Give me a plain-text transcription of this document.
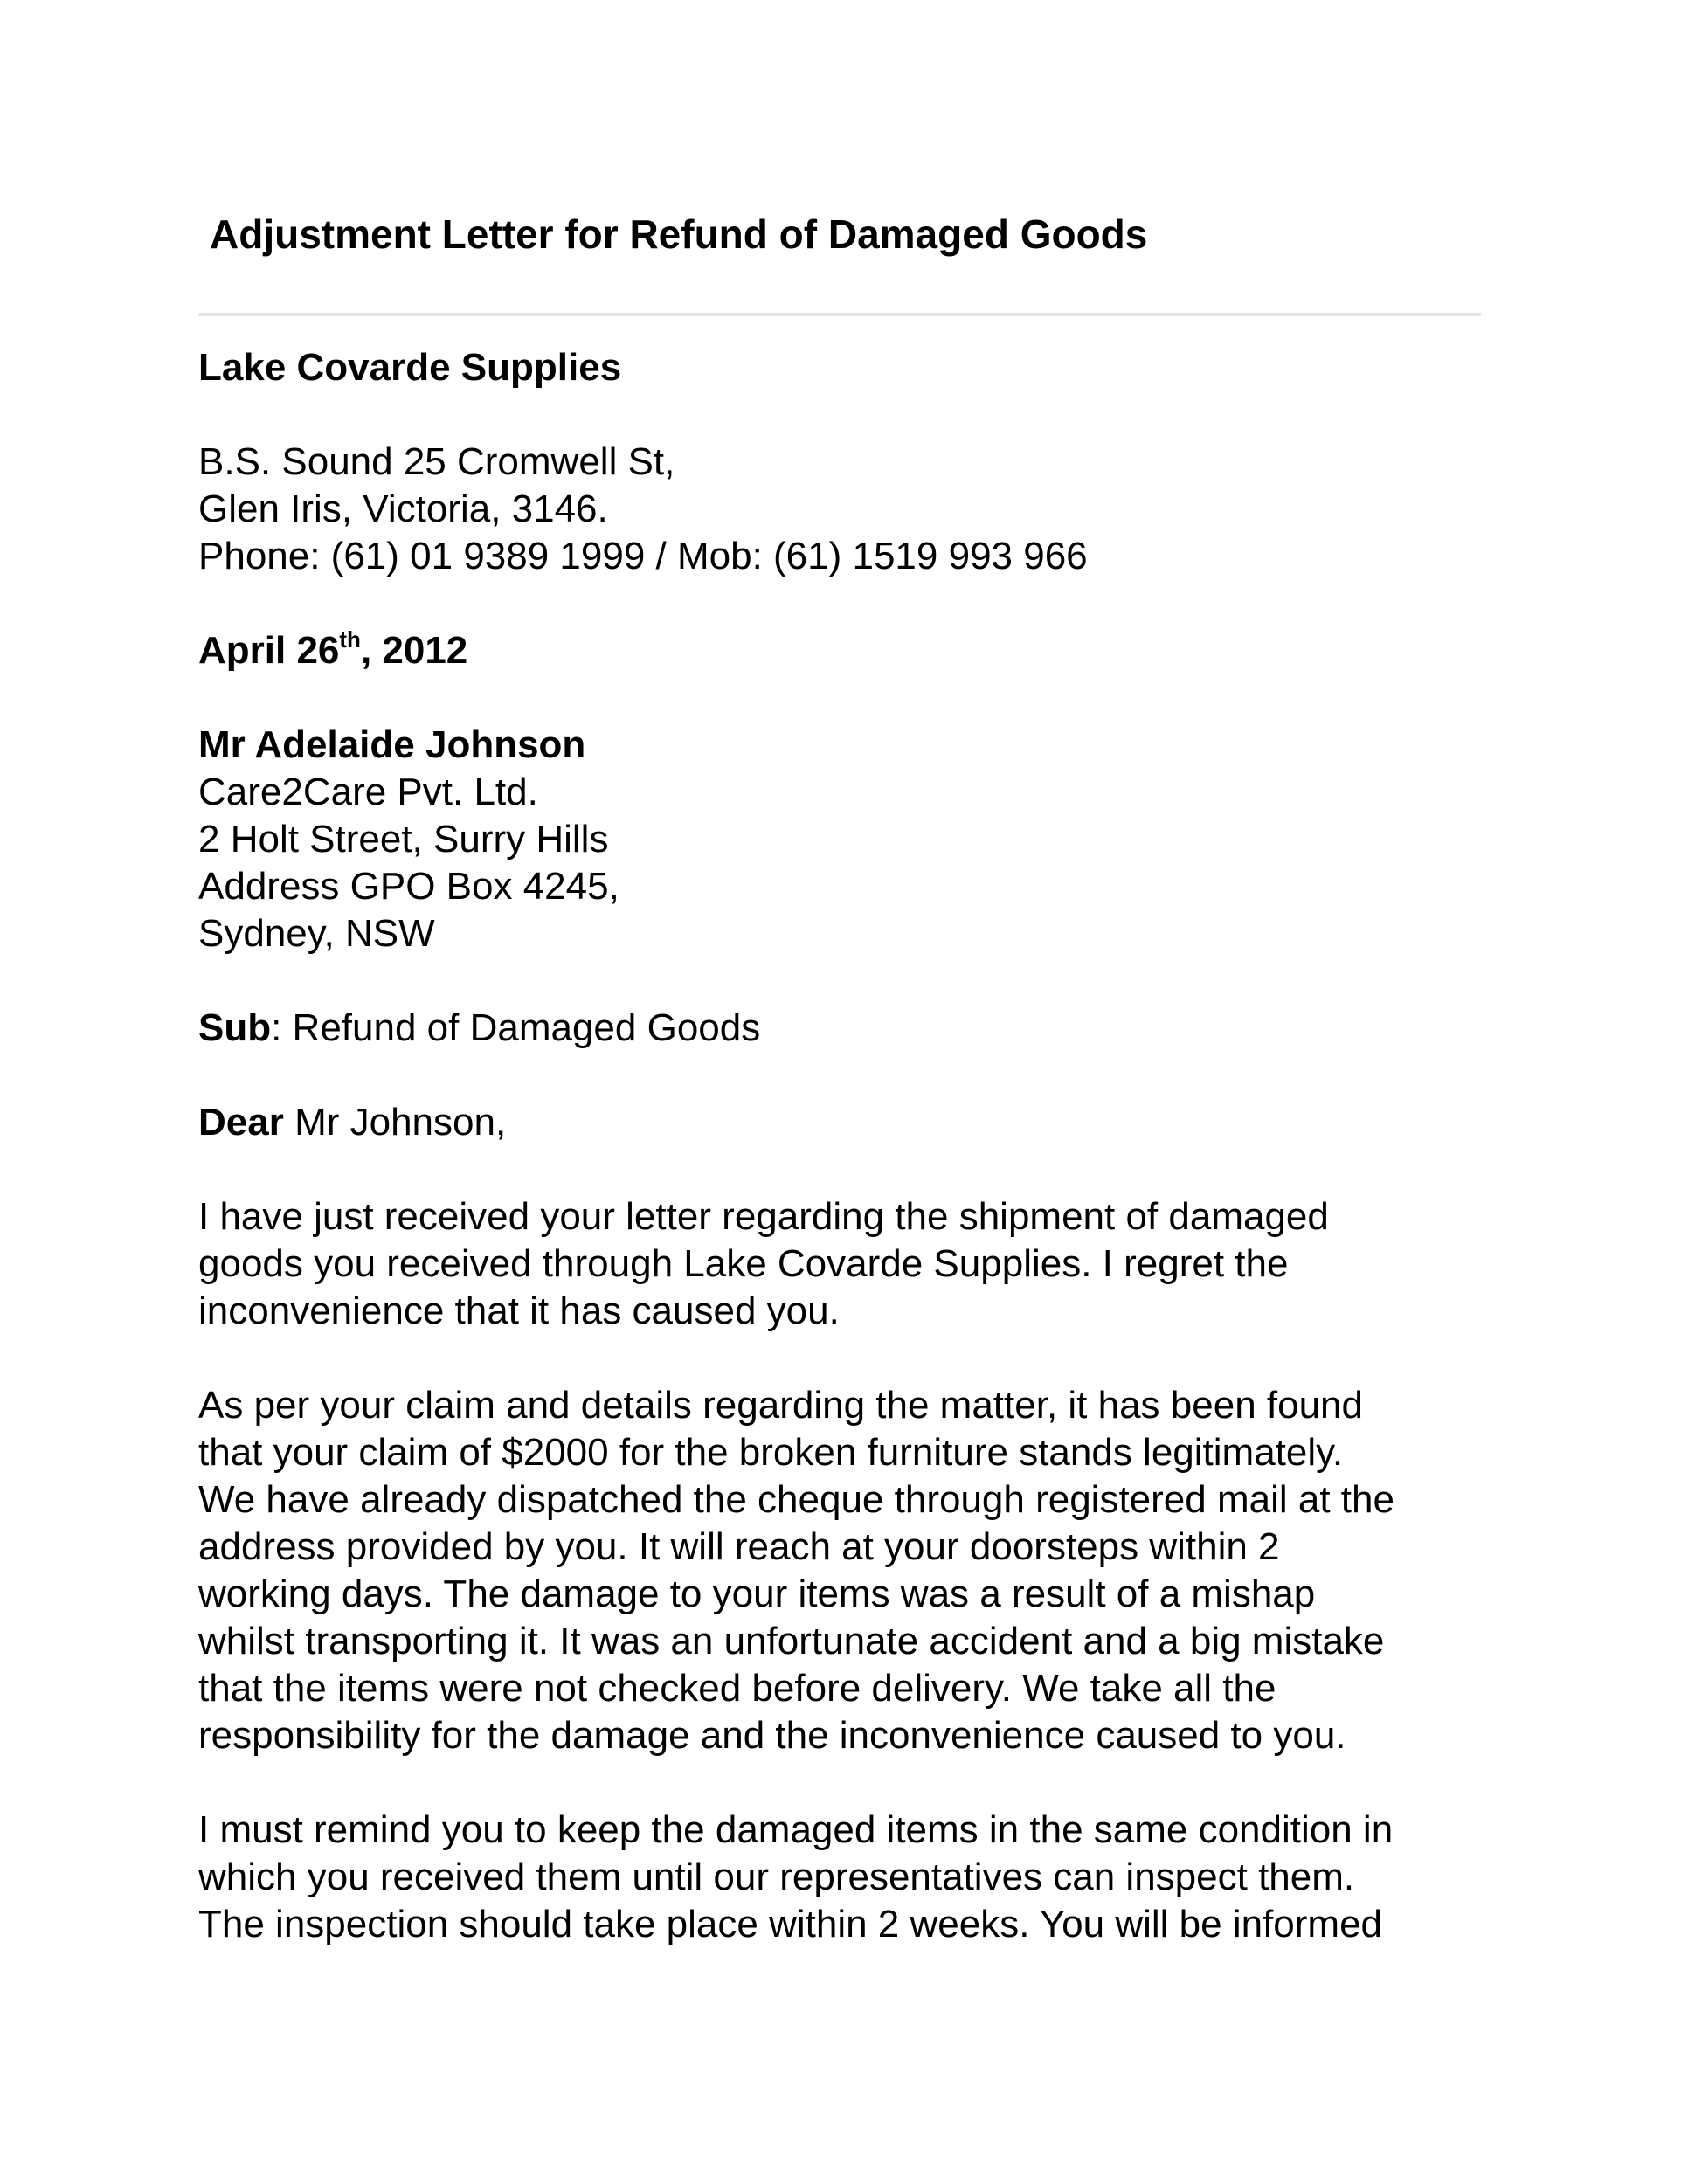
Adjustment Letter for Refund of Damaged Goods

Lake Covarde Supplies

B.S. Sound 25 Cromwell St,

Glen Iris, Victoria, 3146.

Phone: (61) 01 9389 1999 / Mob: (61) 1519 993 966

April 26th, 2012

Mr Adelaide Johnson

Care2Care Pvt. Ltd.

2 Holt Street, Surry Hills

Address GPO Box 4245,

Sydney, NSW

Sub: Refund of Damaged Goods

Dear Mr Johnson,

I have just received your letter regarding the shipment of damaged

goods you received through Lake Covarde Supplies. I regret the

inconvenience that it has caused you.

As per your claim and details regarding the matter, it has been found

that your claim of $2000 for the broken furniture stands legitimately.

We have already dispatched the cheque through registered mail at the

address provided by you. It will reach at your doorsteps within 2

working days. The damage to your items was a result of a mishap

whilst transporting it. It was an unfortunate accident and a big mistake

that the items were not checked before delivery. We take all the

responsibility for the damage and the inconvenience caused to you.

I must remind you to keep the damaged items in the same condition in

which you received them until our representatives can inspect them.

The inspection should take place within 2 weeks. You will be informed
